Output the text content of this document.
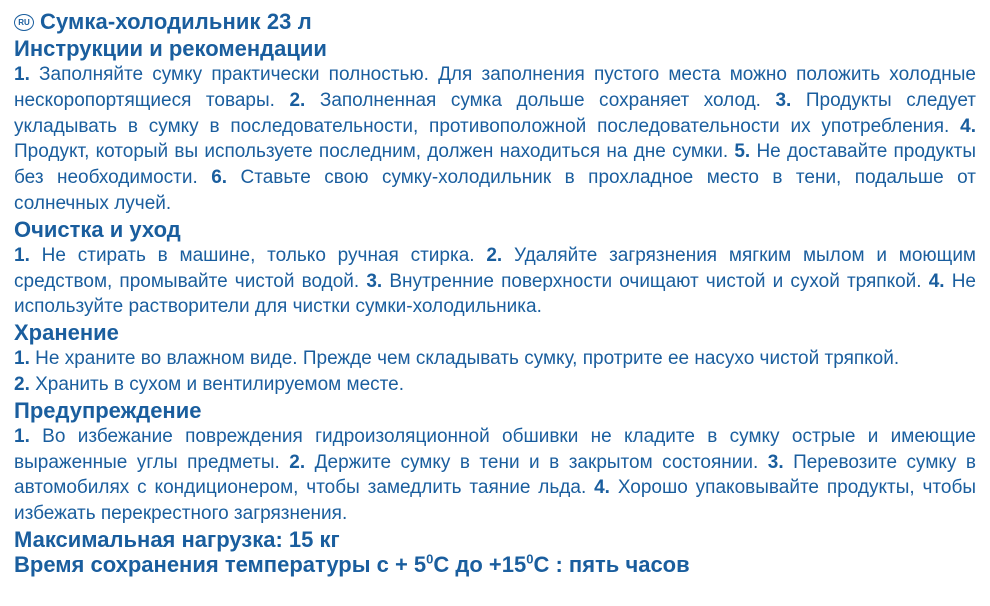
RU Сумка-холодильник 23 л
Инструкции и рекомендации

1. Заполняйте сумку практически полностью. Для заполнения пустого места можно положить холодные нескоропортящиеся товары. 2. Заполненная сумка дольше сохраняет холод. 3. Продукты следует укладывать в сумку в последовательности, противоположной последовательности их употребления. 4. Продукт, который вы используете последним, должен находиться на дне сумки. 5. Не доставайте продукты без необходимости. 6. Ставьте свою сумку-холодильник в прохладное место в тени, подальше от солнечных лучей.

Очистка и уход

1. Не стирать в машине, только ручная стирка. 2. Удаляйте загрязнения мягким мылом и моющим средством, промывайте чистой водой. 3. Внутренние поверхности очищают чистой и сухой тряпкой. 4. Не используйте растворители для чистки сумки-холодильника.

Хранение

1. Не храните во влажном виде. Прежде чем складывать сумку, протрите ее насухо чистой тряпкой.
2. Хранить в сухом и вентилируемом месте.

Предупреждение

1. Во избежание повреждения гидроизоляционной обшивки не кладите в сумку острые и имеющие выраженные углы предметы. 2. Держите сумку в тени и в закрытом состоянии. 3. Перевозите сумку в автомобилях с кондиционером, чтобы замедлить таяние льда. 4. Хорошо упаковывайте продукты, чтобы избежать перекрестного загрязнения.

Максимальная нагрузка: 15 кг
Время сохранения температуры $с + 5^0С$ до $+15^0С$ : пять часов
